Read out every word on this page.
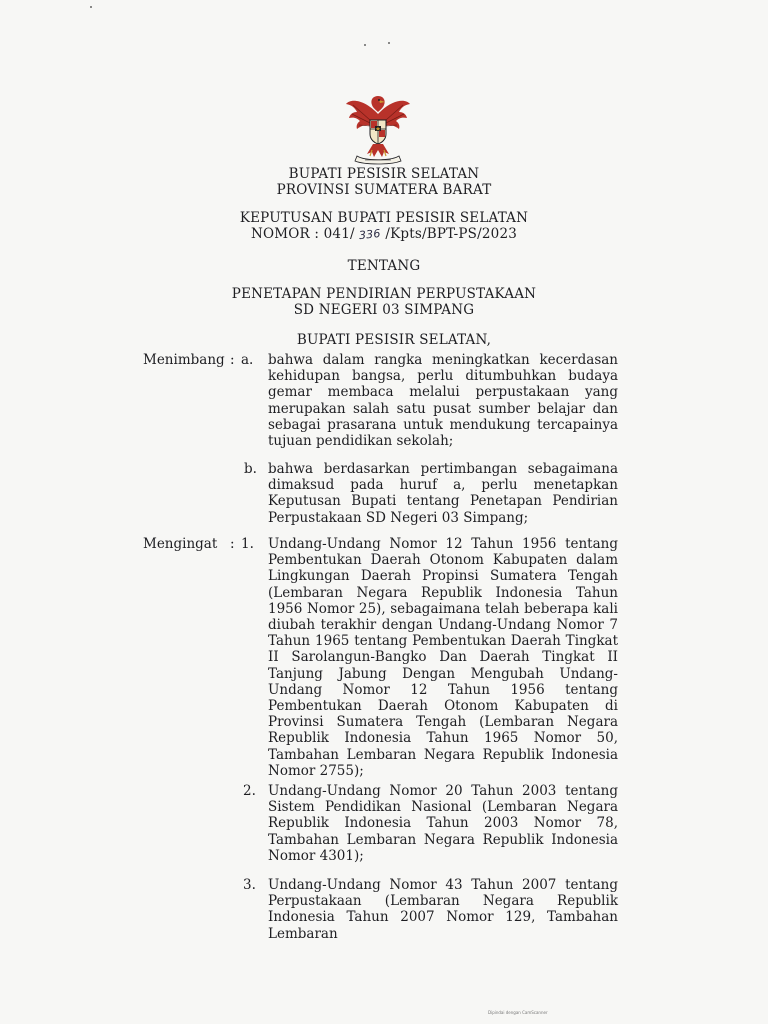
BUPATI PESISIR SELATAN
PROVINSI SUMATERA BARAT
KEPUTUSAN BUPATI PESISIR SELATAN
NOMOR : 041/ 336 /Kpts/BPT-PS/2023
TENTANG
PENETAPAN PENDIRIAN PERPUSTAKAAN
SD NEGERI 03 SIMPANG
BUPATI PESISIR SELATAN,
Menimbang : a. bahwa dalam rangka meningkatkan kecerdasan kehidupan bangsa, perlu ditumbuhkan budaya gemar membaca melalui perpustakaan yang merupakan salah satu pusat sumber belajar dan sebagai prasarana untuk mendukung tercapainya tujuan pendidikan sekolah;
b. bahwa berdasarkan pertimbangan sebagaimana dimaksud pada huruf a, perlu menetapkan Keputusan Bupati tentang Penetapan Pendirian Perpustakaan SD Negeri 03 Simpang;
Mengingat : 1. Undang-Undang Nomor 12 Tahun 1956 tentang Pembentukan Daerah Otonom Kabupaten dalam Lingkungan Daerah Propinsi Sumatera Tengah (Lembaran Negara Republik Indonesia Tahun 1956 Nomor 25), sebagaimana telah beberapa kali diubah terakhir dengan Undang-Undang Nomor 7 Tahun 1965 tentang Pembentukan Daerah Tingkat II Sarolangun-Bangko Dan Daerah Tingkat II Tanjung Jabung Dengan Mengubah Undang-Undang Nomor 12 Tahun 1956 tentang Pembentukan Daerah Otonom Kabupaten di Provinsi Sumatera Tengah (Lembaran Negara Republik Indonesia Tahun 1965 Nomor 50, Tambahan Lembaran Negara Republik Indonesia Nomor 2755);
2. Undang-Undang Nomor 20 Tahun 2003 tentang Sistem Pendidikan Nasional (Lembaran Negara Republik Indonesia Tahun 2003 Nomor 78, Tambahan Lembaran Negara Republik Indonesia Nomor 4301);
3. Undang-Undang Nomor 43 Tahun 2007 tentang Perpustakaan (Lembaran Negara Republik Indonesia Tahun 2007 Nomor 129, Tambahan Lembaran
Dipindai dengan CamScanner
